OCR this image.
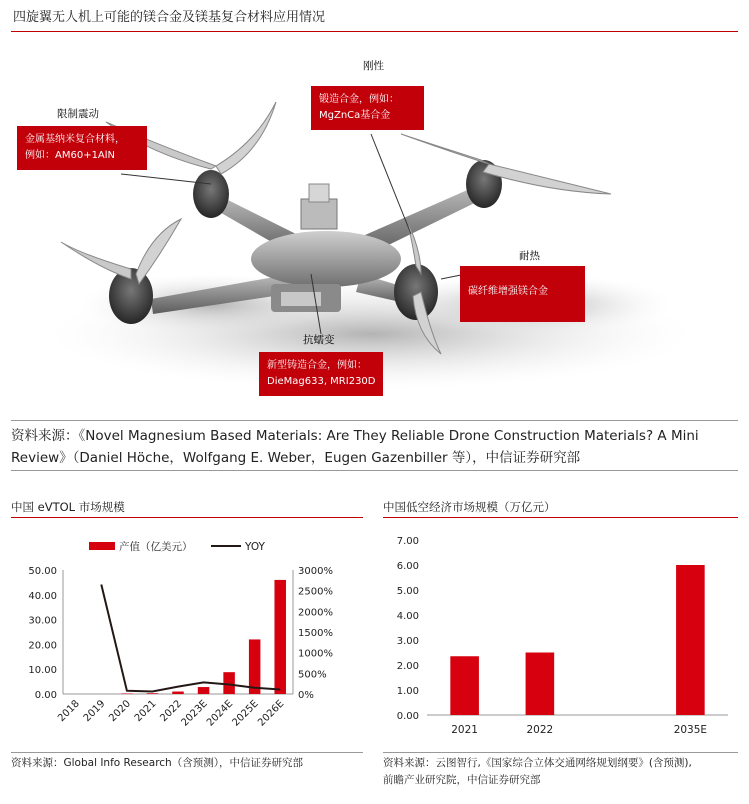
四旋翼无人机上可能的镁合金及镁基复合材料应用情况
限制震动
金属基纳米复合材料，
例如：AM60+1AlN
刚性
锻造合金，例如：
MgZnCa基合金
耐热
碳纤维增强镁合金
抗蠕变
新型铸造合金，例如：
DieMag633, MRI230D
资料来源：《Novel Magnesium Based Materials: Are They Reliable Drone Construction Materials? A Mini
Review》（Daniel Höche，Wolfgang E. Weber，Eugen Gazenbiller 等），中信证券研究部
中国 eVTOL 市场规模
产值（亿美元）	YOY
0.00
10.00
20.00
30.00
40.00
50.00
0%
500%
1000%
1500%
2000%
2500%
3000%
2018 2019 2020 2021 2022
2023E
2024E
2025E
2026E
资料来源：Global Info Research（含预测），中信证券研究部
中国低空经济市场规模（万亿元）
0.00
1.00
2.00
3.00
4.00
5.00
6.00
7.00
2021	2022	2035E
资料来源：云图智行,《国家综合立体交通网络规划纲要》(含预测),
前瞻产业研究院，中信证券研究部
